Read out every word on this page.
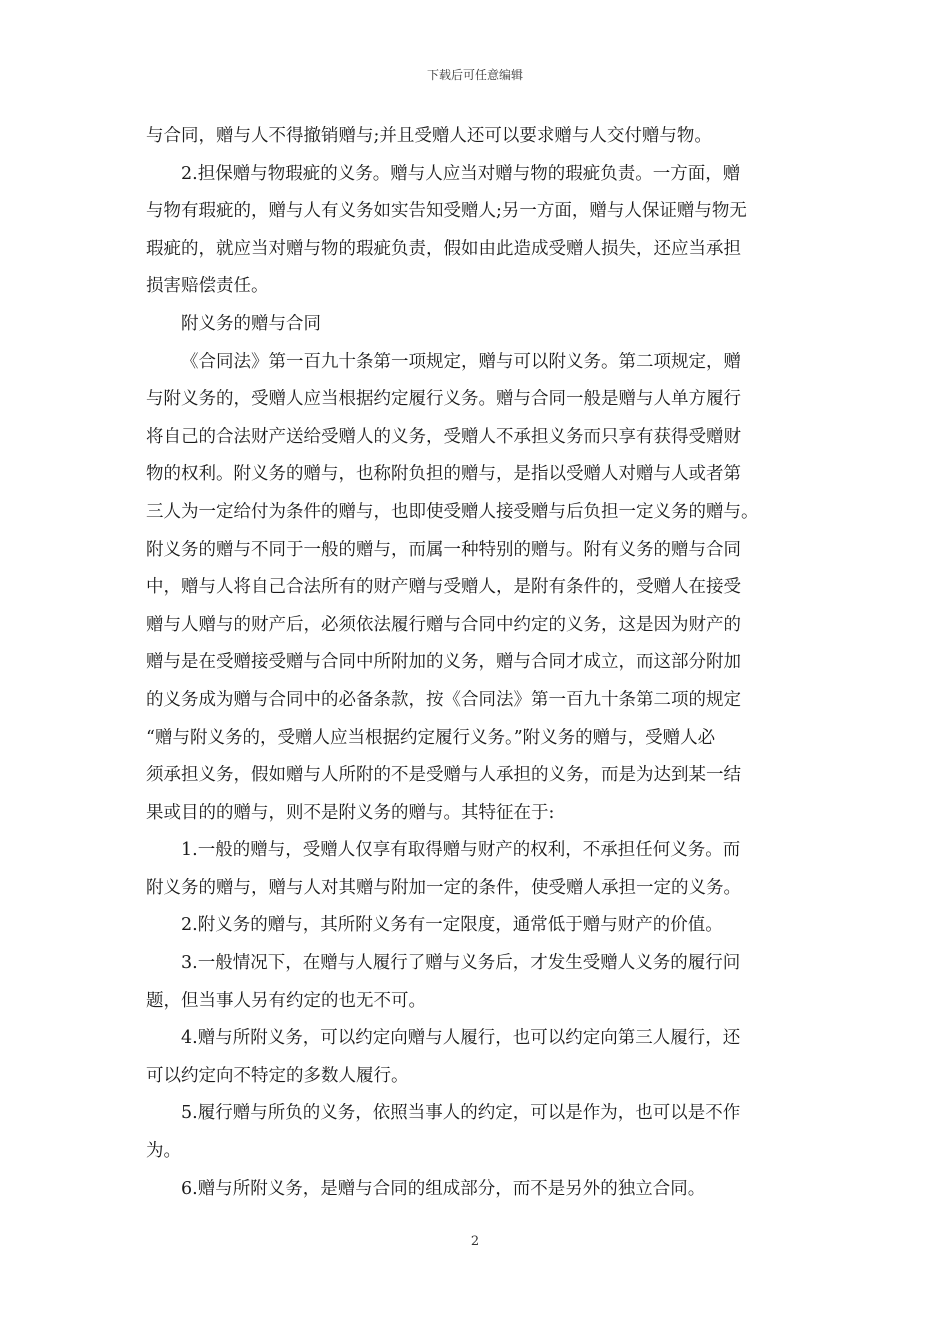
下载后可任意编辑
与合同，赠与人不得撤销赠与;并且受赠人还可以要求赠与人交付赠与物。
2.担保赠与物瑕疵的义务。赠与人应当对赠与物的瑕疵负责。一方面，赠
与物有瑕疵的，赠与人有义务如实告知受赠人;另一方面，赠与人保证赠与物无
瑕疵的，就应当对赠与物的瑕疵负责，假如由此造成受赠人损失，还应当承担
损害赔偿责任。
附义务的赠与合同
《合同法》第一百九十条第一项规定，赠与可以附义务。第二项规定，赠
与附义务的，受赠人应当根据约定履行义务。赠与合同一般是赠与人单方履行
将自己的合法财产送给受赠人的义务，受赠人不承担义务而只享有获得受赠财
物的权利。附义务的赠与，也称附负担的赠与，是指以受赠人对赠与人或者第
三人为一定给付为条件的赠与，也即使受赠人接受赠与后负担一定义务的赠与。
附义务的赠与不同于一般的赠与，而属一种特别的赠与。附有义务的赠与合同
中，赠与人将自己合法所有的财产赠与受赠人，是附有条件的，受赠人在接受
赠与人赠与的财产后，必须依法履行赠与合同中约定的义务，这是因为财产的
赠与是在受赠接受赠与合同中所附加的义务，赠与合同才成立，而这部分附加
的义务成为赠与合同中的必备条款，按《合同法》第一百九十条第二项的规定
“赠与附义务的，受赠人应当根据约定履行义务。”附义务的赠与，受赠人必
须承担义务，假如赠与人所附的不是受赠与人承担的义务，而是为达到某一结
果或目的的赠与，则不是附义务的赠与。其特征在于:
1.一般的赠与，受赠人仅享有取得赠与财产的权利，不承担任何义务。而
附义务的赠与，赠与人对其赠与附加一定的条件，使受赠人承担一定的义务。
2.附义务的赠与，其所附义务有一定限度，通常低于赠与财产的价值。
3.一般情况下，在赠与人履行了赠与义务后，才发生受赠人义务的履行问
题，但当事人另有约定的也无不可。
4.赠与所附义务，可以约定向赠与人履行，也可以约定向第三人履行，还
可以约定向不特定的多数人履行。
5.履行赠与所负的义务，依照当事人的约定，可以是作为，也可以是不作
为。
6.赠与所附义务，是赠与合同的组成部分，而不是另外的独立合同。
2
